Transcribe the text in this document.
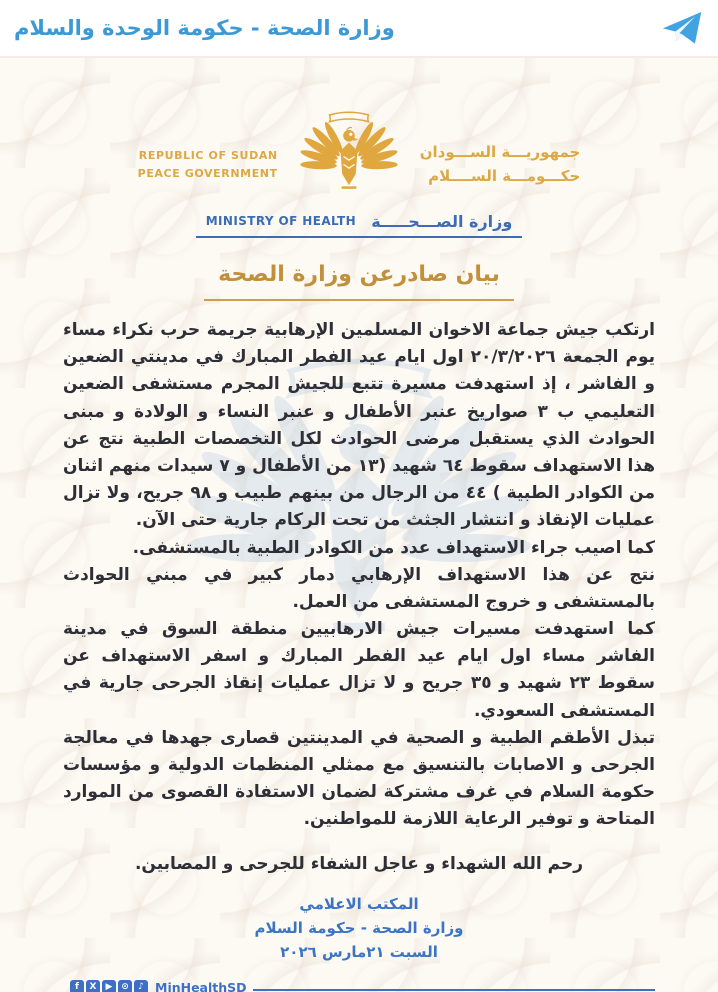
وزارة الصحة - حكومة الوحدة والسلام
REPUBLIC OF SUDAN
PEACE GOVERNMENT
جمهوريـــة الســـودان
حكـــومـــة الســــلام
MINISTRY OF HEALTH وزارة الصـــحـــــة
بيان صادرعن وزارة الصحة

ارتكب جيش جماعة الاخوان المسلمين الإرهابية جريمة حرب نكراء مساء يوم الجمعة ٢٠/٣/٢٠٢٦ اول ايام عيد الفطر المبارك في مدينتي الضعين و الفاشر ، إذ استهدفت مسيرة تتبع للجيش المجرم مستشفى الضعين التعليمي ب ٣ صواريخ عنبر الأطفال و عنبر النساء و الولادة و مبنى الحوادث الذي يستقبل مرضى الحوادث لكل التخصصات الطبية نتج عن هذا الاستهداف سقوط ٦٤ شهيد (١٣ من الأطفال و ٧ سيدات منهم اثنان من الكوادر الطبية ) ٤٤ من الرجال من بينهم طبيب و ٩٨ جريح، ولا تزال عمليات الإنقاذ و انتشار الجثث من تحت الركام جارية حتى الآن.

كما اصيب جراء الاستهداف عدد من الكوادر الطبية بالمستشفى.

نتج عن هذا الاستهداف الإرهابي دمار كبير في مبني الحوادث بالمستشفى و خروج المستشفى من العمل.

كما استهدفت مسيرات جيش الارهابيين منطقة السوق في مدينة الفاشر مساء اول ايام عيد الفطر المبارك و اسفر الاستهداف عن سقوط ٢٣ شهيد و ٣٥ جريح و لا تزال عمليات إنقاذ الجرحى جارية في المستشفى السعودي.

تبذل الأطقم الطبية و الصحية في المدينتين قصارى جهدها في معالجة الجرحى و الاصابات بالتنسيق مع ممثلي المنظمات الدولية و مؤسسات حكومة السلام في غرف مشتركة لضمان الاستفادة القصوى من الموارد المتاحة و توفير الرعاية اللازمة للمواطنين.

رحم الله الشهداء و عاجل الشفاء للجرحى و المصابين.
المكتب الاعلامي
وزارة الصحة - حكومة السلام
السبت ٢١مارس ٢٠٢٦
f	X	▶ ⊙	♪ MinHealthSD
